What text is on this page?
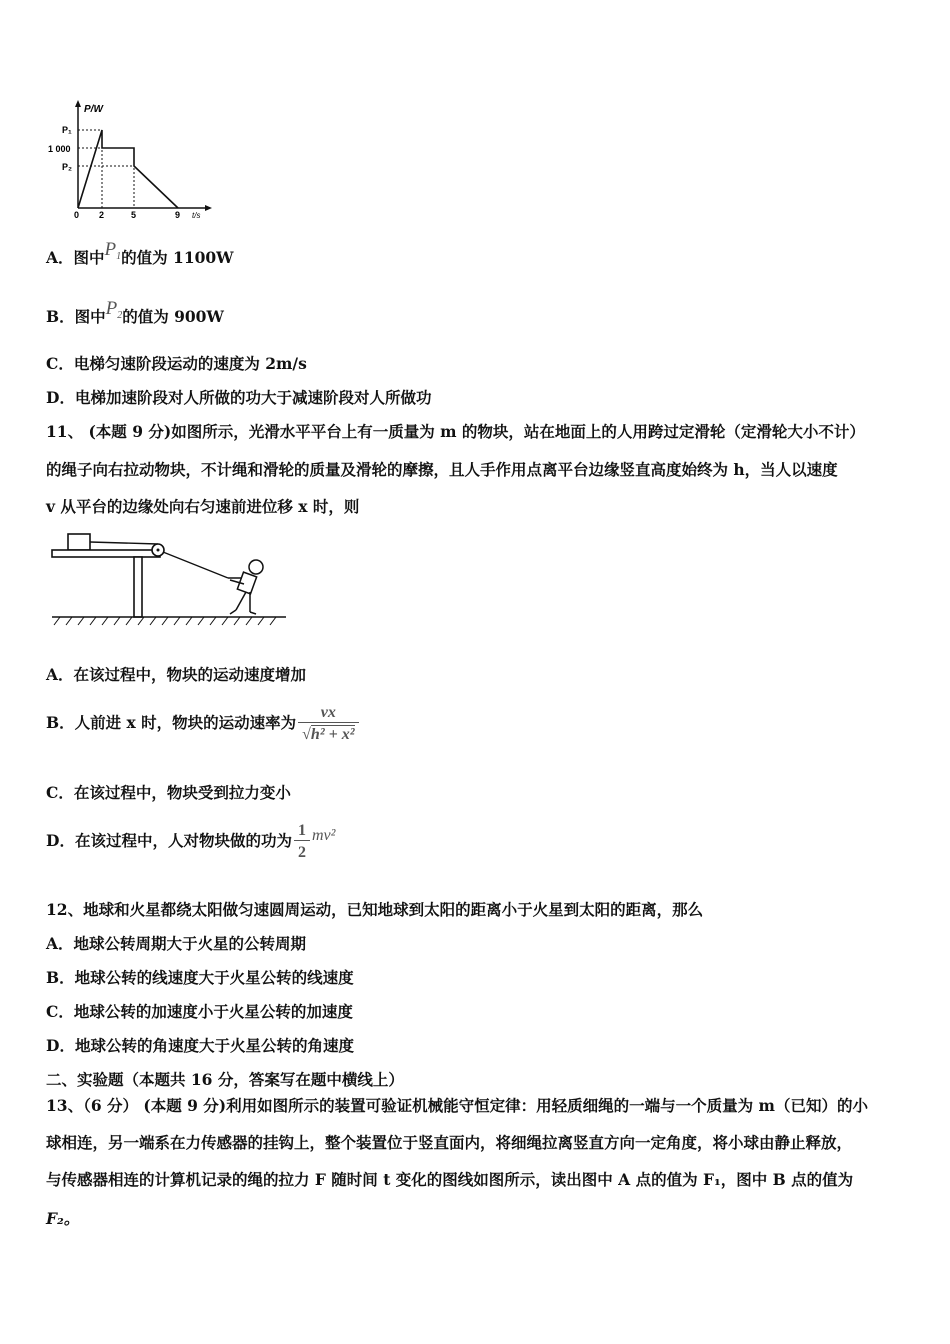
P/W
P₁
1 000
P₂
0 2	5	9 t/s
A．图中$P^1$的值为 1100W
B．图中$P^2$的值为 900W
C．电梯匀速阶段运动的速度为 2m/s
D．电梯加速阶段对人所做的功大于减速阶段对人所做功
11、 (本题 9 分)如图所示，光滑水平平台上有一质量为 m 的物块，站在地面上的人用跨过定滑轮（定滑轮大小不计）
的绳子向右拉动物块，不计绳和滑轮的质量及滑轮的摩擦，且人手作用点离平台边缘竖直高度始终为 h，当人以速度
v 从平台的边缘处向右匀速前进位移 x 时，则
A．在该过程中，物块的运动速度增加
B．人前进 x 时，物块的运动速率为 $\frac{vx}{\text{√h² + x²}}$
C．在该过程中，物块受到拉力变小
D．在该过程中，人对物块做的功为 $\frac{1}{2} mv^2$
12、地球和火星都绕太阳做匀速圆周运动，已知地球到太阳的距离小于火星到太阳的距离，那么
A．地球公转周期大于火星的公转周期
B．地球公转的线速度大于火星公转的线速度
C．地球公转的加速度小于火星公转的加速度
D．地球公转的角速度大于火星公转的角速度
二、实验题（本题共 16 分，答案写在题中横线上）
13、（6 分） (本题 9 分)利用如图所示的装置可验证机械能守恒定律：用轻质细绳的一端与一个质量为 m（已知）的小
球相连，另一端系在力传感器的挂钩上，整个装置位于竖直面内，将细绳拉离竖直方向一定角度，将小球由静止释放，
与传感器相连的计算机记录的绳的拉力 F 随时间 t 变化的图线如图所示，读出图中 A 点的值为 F₁，图中 B 点的值为
F₂。
